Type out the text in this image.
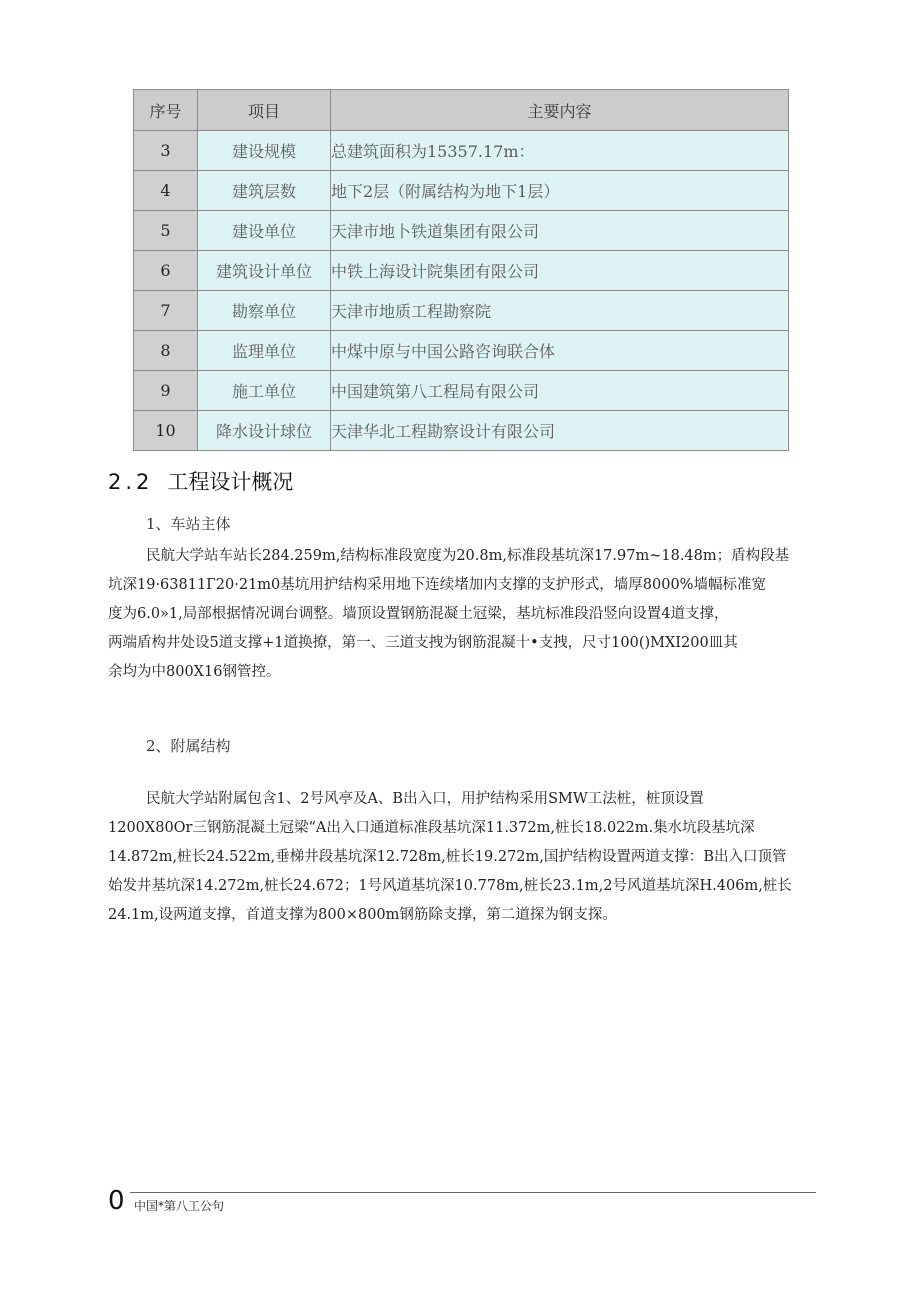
序号	项目	主要内容
3	建设规模	总建筑面积为15357.17m：
4	建筑层数	地下2层（附属结构为地下1层）
5	建设单位	天津市地卜铁道集团有限公司
6	建筑设计单位	中铁上海设计院集团有限公司
7	勘察单位	天津市地质工程勘察院
8	监理单位	中煤中原与中国公路咨询联合体
9	施工单位	中国建筑第八工程局有限公司
10	降水设计球位	天津华北工程勘察设计有限公司
2.2 工程设计概况
1、车站主体
民航大学站车站长284.259m,结构标准段宽度为20.8m,标准段基坑深17.97m~18.48m；盾构段基
坑深19·63811Г20·21m0基坑用护结构采用地下连续堵加内支撑的支护形式，墙厚8000%墙幅标准宽
度为6.0»1,局部根据情况调台调整。墙顶设置钢筋混凝土冠梁，基坑标准段沿竖向设置4道支撑，
两端盾构井处设5道支撑+1道换撩，第一、三道支拽为钢筋混凝十•支拽，尺寸100()MXI200皿其
余均为中800X16钢管控。
2、附属结构
民航大学站附属包含1、2号风亭及A、B出入口，用护结构采用SMW工法桩，桩顶设置
1200X80Or三钢筋混凝土冠梁“A出入口通道标准段基坑深11.372m,桩长18.022m.集水坑段基坑深
14.872m,桩长24.522m,垂梯井段基坑深12.728m,桩长19.272m,国护结构设置两道支撑：B出入口顶管
始发井基坑深14.272m,桩长24.672；1号风道基坑深10.778m,桩长23.1m,2号风道基坑深H.406m,桩长
24.1m,设两道支撑，首道支撑为800×800m钢筋除支撑，第二道探为钢支探。
0 中国*第八工公句
